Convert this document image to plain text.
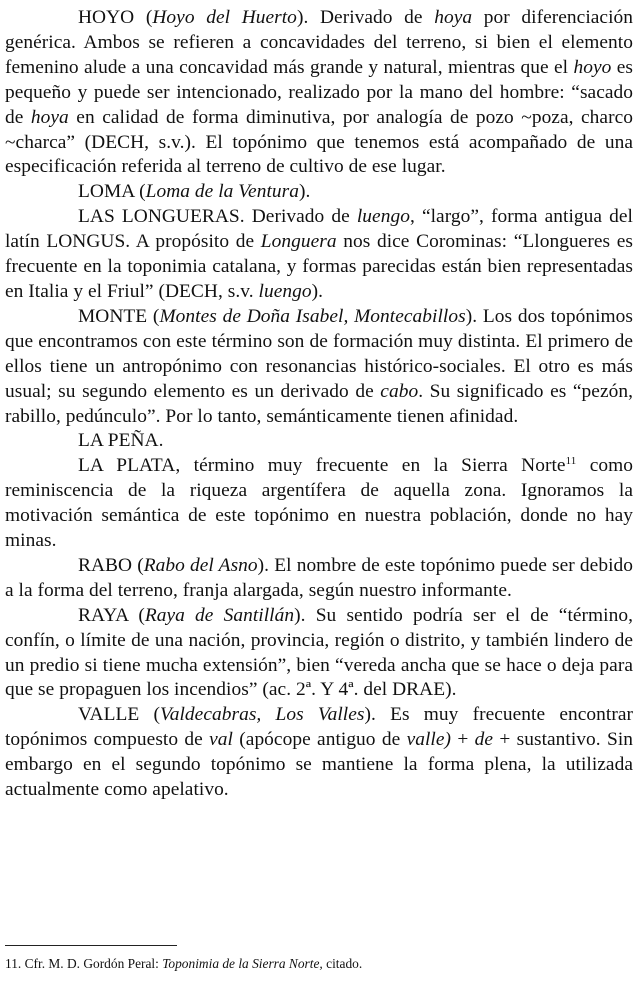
HOYO (Hoyo del Huerto). Derivado de hoya por diferenciación genérica. Ambos se refieren a concavidades del terreno, si bien el elemento femenino alude a una concavidad más grande y natural, mientras que el hoyo es pequeño y puede ser intencionado, realizado por la mano del hombre: “sacado de hoya en calidad de forma diminutiva, por analogía de pozo ~poza, charco ~charca” (DECH, s.v.). El topónimo que tenemos está acompañado de una especificación referida al terreno de cultivo de ese lugar.

LOMA (Loma de la Ventura).

LAS LONGUERAS. Derivado de luengo, “largo”, forma antigua del latín LONGUS. A propósito de Longuera nos dice Corominas: “Llongueres es frecuente en la toponimia catalana, y formas parecidas están bien representadas en Italia y el Friul” (DECH, s.v. luengo).

MONTE (Montes de Doña Isabel, Montecabillos). Los dos topónimos que encontramos con este término son de formación muy distinta. El primero de ellos tiene un antropónimo con resonancias histórico-sociales. El otro es más usual; su segundo elemento es un derivado de cabo. Su significado es “pezón, rabillo, pedúnculo”. Por lo tanto, semánticamente tienen afinidad.

LA PEÑA.

LA PLATA, término muy frecuente en la Sierra Norte$^{11}$ como reminiscencia de la riqueza argentífera de aquella zona. Ignoramos la motivación semántica de este topónimo en nuestra población, donde no hay minas.

RABO (Rabo del Asno). El nombre de este topónimo puede ser debido a la forma del terreno, franja alargada, según nuestro informante.

RAYA (Raya de Santillán). Su sentido podría ser el de “término, confín, o límite de una nación, provincia, región o distrito, y también lindero de un predio si tiene mucha extensión”, bien “vereda ancha que se hace o deja para que se propaguen los incendios” (ac. 2ª. Y 4ª. del DRAE).

VALLE (Valdecabras, Los Valles). Es muy frecuente encontrar topónimos compuesto de val (apócope antiguo de valle) + de + sustantivo. Sin embargo en el segundo topónimo se mantiene la forma plena, la utilizada actualmente como apelativo.

11. Cfr. M. D. Gordón Peral: Toponimia de la Sierra Norte, citado.
